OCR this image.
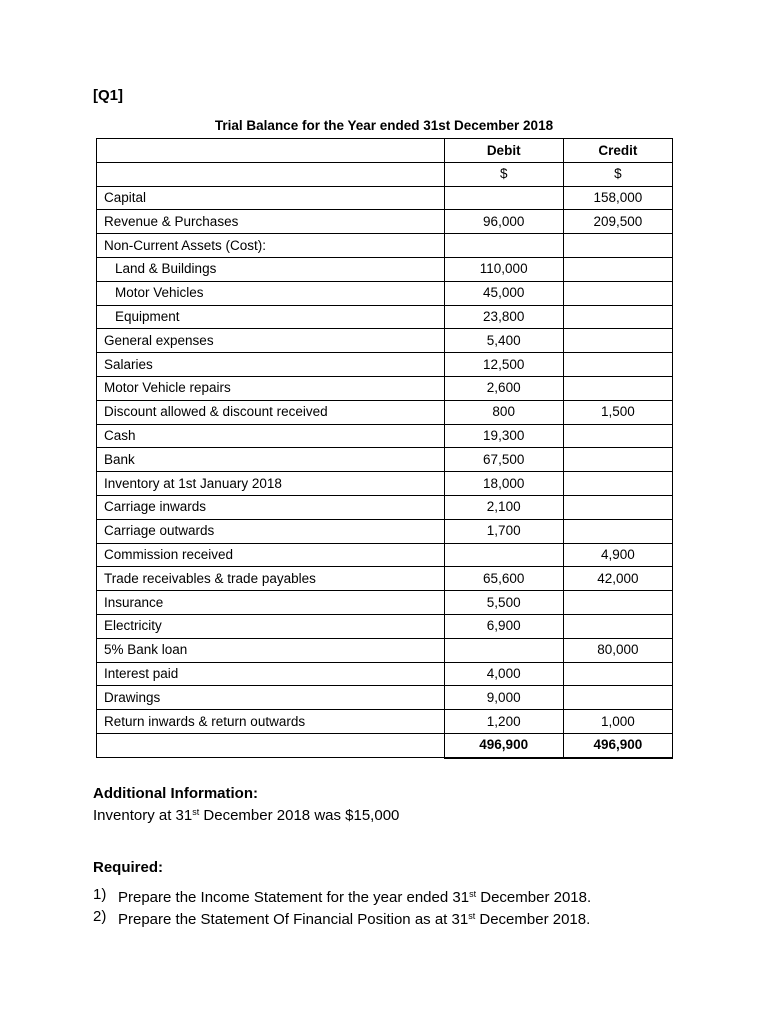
[Q1]
Trial Balance for the Year ended 31st December 2018
	Debit	Credit
	$	$
Capital		158,000
Revenue & Purchases	96,000	209,500
Non-Current Assets (Cost):		
Land & Buildings	110,000	
Motor Vehicles	45,000	
Equipment	23,800	
General expenses	5,400	
Salaries	12,500	
Motor Vehicle repairs	2,600	
Discount allowed & discount received	800	1,500
Cash	19,300	
Bank	67,500	
Inventory at 1st January 2018	18,000	
Carriage inwards	2,100	
Carriage outwards	1,700	
Commission received		4,900
Trade receivables & trade payables	65,600	42,000
Insurance	5,500	
Electricity	6,900	
5% Bank loan		80,000
Interest paid	4,000	
Drawings	9,000	
Return inwards & return outwards	1,200	1,000
	496,900	496,900
Additional Information:
Inventory at 31st December 2018 was $15,000
Required:
1) Prepare the Income Statement for the year ended 31st December 2018.
2) Prepare the Statement Of Financial Position as at 31st December 2018.
